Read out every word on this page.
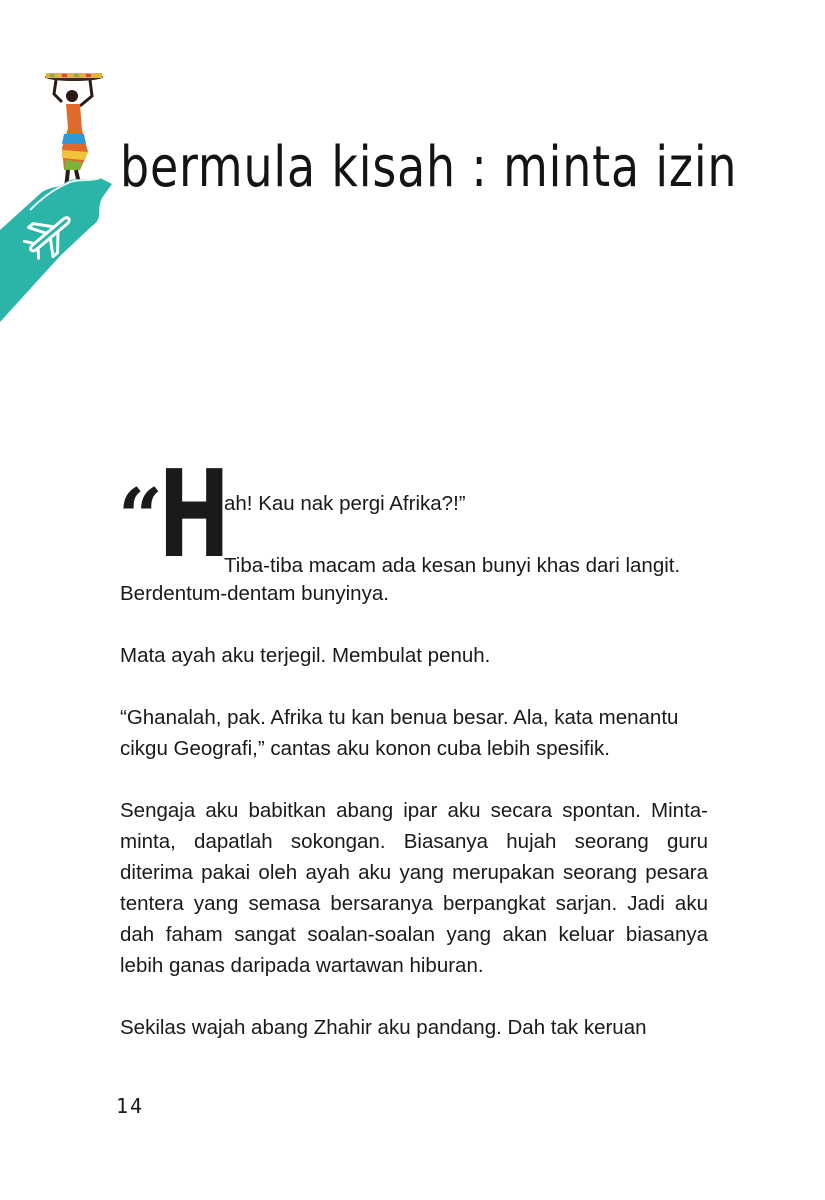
bermula kisah : minta izin
“
H
ah! Kau nak pergi Afrika?!”
Tiba-tiba macam ada kesan bunyi khas dari langit.

Berdentum-dentam bunyinya.

Mata ayah aku terjegil. Membulat penuh.

“Ghanalah, pak. Afrika tu kan benua besar. Ala, kata menantu cikgu Geografi,” cantas aku konon cuba lebih spesifik.

Sengaja aku babitkan abang ipar aku secara spontan. Minta-minta, dapatlah sokongan. Biasanya hujah seorang guru diterima pakai oleh ayah aku yang merupakan seorang pesara tentera yang semasa bersaranya berpangkat sarjan. Jadi aku dah faham sangat soalan-soalan yang akan keluar biasanya lebih ganas daripada wartawan hiburan.

Sekilas wajah abang Zhahir aku pandang. Dah tak keruan

14
